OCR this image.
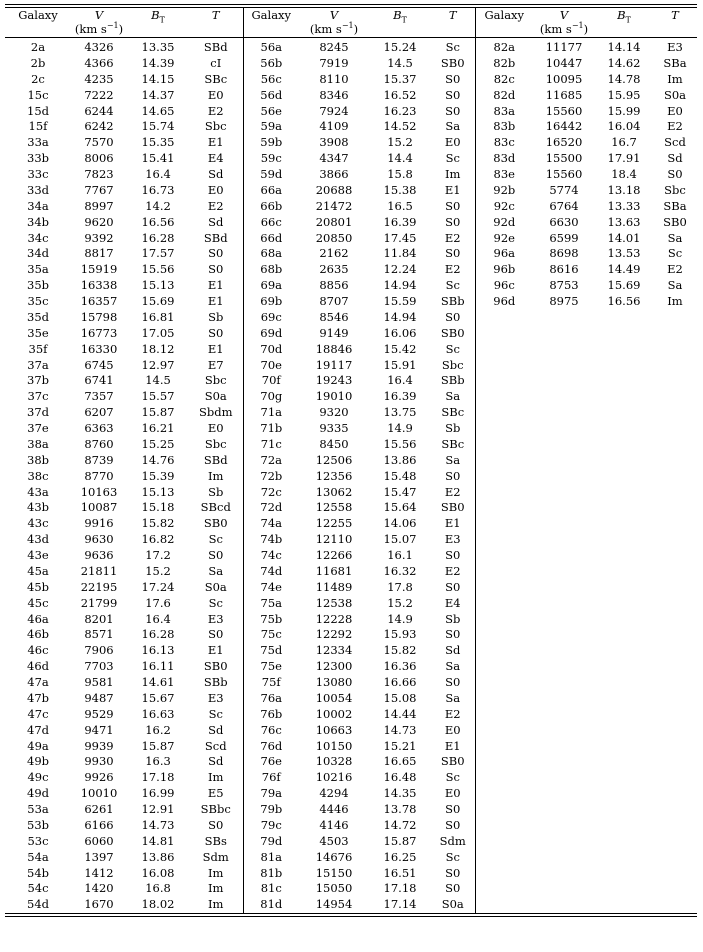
Galaxy	V	$B_T$	T	Galaxy	V	$B_T$	T	Galaxy	V	$B_T$	T
	(km $s^{-1}$)				(km $s^{-1}$)				(km $s^{-1}$)		
2a	4326	13.35	SBd	56a	8245	15.24	Sc	82a	11177	14.14	E3
2b	4366	14.39	cI	56b	7919	14.5	SB0	82b	10447	14.62	SBa
2c	4235	14.15	SBc	56c	8110	15.37	S0	82c	10095	14.78	Im
15c	7222	14.37	E0	56d	8346	16.52	S0	82d	11685	15.95	S0a
15d	6244	14.65	E2	56e	7924	16.23	S0	83a	15560	15.99	E0
15f	6242	15.74	Sbc	59a	4109	14.52	Sa	83b	16442	16.04	E2
33a	7570	15.35	E1	59b	3908	15.2	E0	83c	16520	16.7	Scd
33b	8006	15.41	E4	59c	4347	14.4	Sc	83d	15500	17.91	Sd
33c	7823	16.4	Sd	59d	3866	15.8	Im	83e	15560	18.4	S0
33d	7767	16.73	E0	66a	20688	15.38	E1	92b	5774	13.18	Sbc
34a	8997	14.2	E2	66b	21472	16.5	S0	92c	6764	13.33	SBa
34b	9620	16.56	Sd	66c	20801	16.39	S0	92d	6630	13.63	SB0
34c	9392	16.28	SBd	66d	20850	17.45	E2	92e	6599	14.01	Sa
34d	8817	17.57	S0	68a	2162	11.84	S0	96a	8698	13.53	Sc
35a	15919	15.56	S0	68b	2635	12.24	E2	96b	8616	14.49	E2
35b	16338	15.13	E1	69a	8856	14.94	Sc	96c	8753	15.69	Sa
35c	16357	15.69	E1	69b	8707	15.59	SBb	96d	8975	16.56	Im
35d	15798	16.81	Sb	69c	8546	14.94	S0				
35e	16773	17.05	S0	69d	9149	16.06	SB0				
35f	16330	18.12	E1	70d	18846	15.42	Sc				
37a	6745	12.97	E7	70e	19117	15.91	Sbc				
37b	6741	14.5	Sbc	70f	19243	16.4	SBb				
37c	7357	15.57	S0a	70g	19010	16.39	Sa				
37d	6207	15.87	Sbdm	71a	9320	13.75	SBc				
37e	6363	16.21	E0	71b	9335	14.9	Sb				
38a	8760	15.25	Sbc	71c	8450	15.56	SBc				
38b	8739	14.76	SBd	72a	12506	13.86	Sa				
38c	8770	15.39	Im	72b	12356	15.48	S0				
43a	10163	15.13	Sb	72c	13062	15.47	E2				
43b	10087	15.18	SBcd	72d	12558	15.64	SB0				
43c	9916	15.82	SB0	74a	12255	14.06	E1				
43d	9630	16.82	Sc	74b	12110	15.07	E3				
43e	9636	17.2	S0	74c	12266	16.1	S0				
45a	21811	15.2	Sa	74d	11681	16.32	E2				
45b	22195	17.24	S0a	74e	11489	17.8	S0				
45c	21799	17.6	Sc	75a	12538	15.2	E4				
46a	8201	16.4	E3	75b	12228	14.9	Sb				
46b	8571	16.28	S0	75c	12292	15.93	S0				
46c	7906	16.13	E1	75d	12334	15.82	Sd				
46d	7703	16.11	SB0	75e	12300	16.36	Sa				
47a	9581	14.61	SBb	75f	13080	16.66	S0				
47b	9487	15.67	E3	76a	10054	15.08	Sa				
47c	9529	16.63	Sc	76b	10002	14.44	E2				
47d	9471	16.2	Sd	76c	10663	14.73	E0				
49a	9939	15.87	Scd	76d	10150	15.21	E1				
49b	9930	16.3	Sd	76e	10328	16.65	SB0				
49c	9926	17.18	Im	76f	10216	16.48	Sc				
49d	10010	16.99	E5	79a	4294	14.35	E0				
53a	6261	12.91	SBbc	79b	4446	13.78	S0				
53b	6166	14.73	S0	79c	4146	14.72	S0				
53c	6060	14.81	SBs	79d	4503	15.87	Sdm				
54a	1397	13.86	Sdm	81a	14676	16.25	Sc				
54b	1412	16.08	Im	81b	15150	16.51	S0				
54c	1420	16.8	Im	81c	15050	17.18	S0				
54d	1670	18.02	Im	81d	14954	17.14	S0a				
